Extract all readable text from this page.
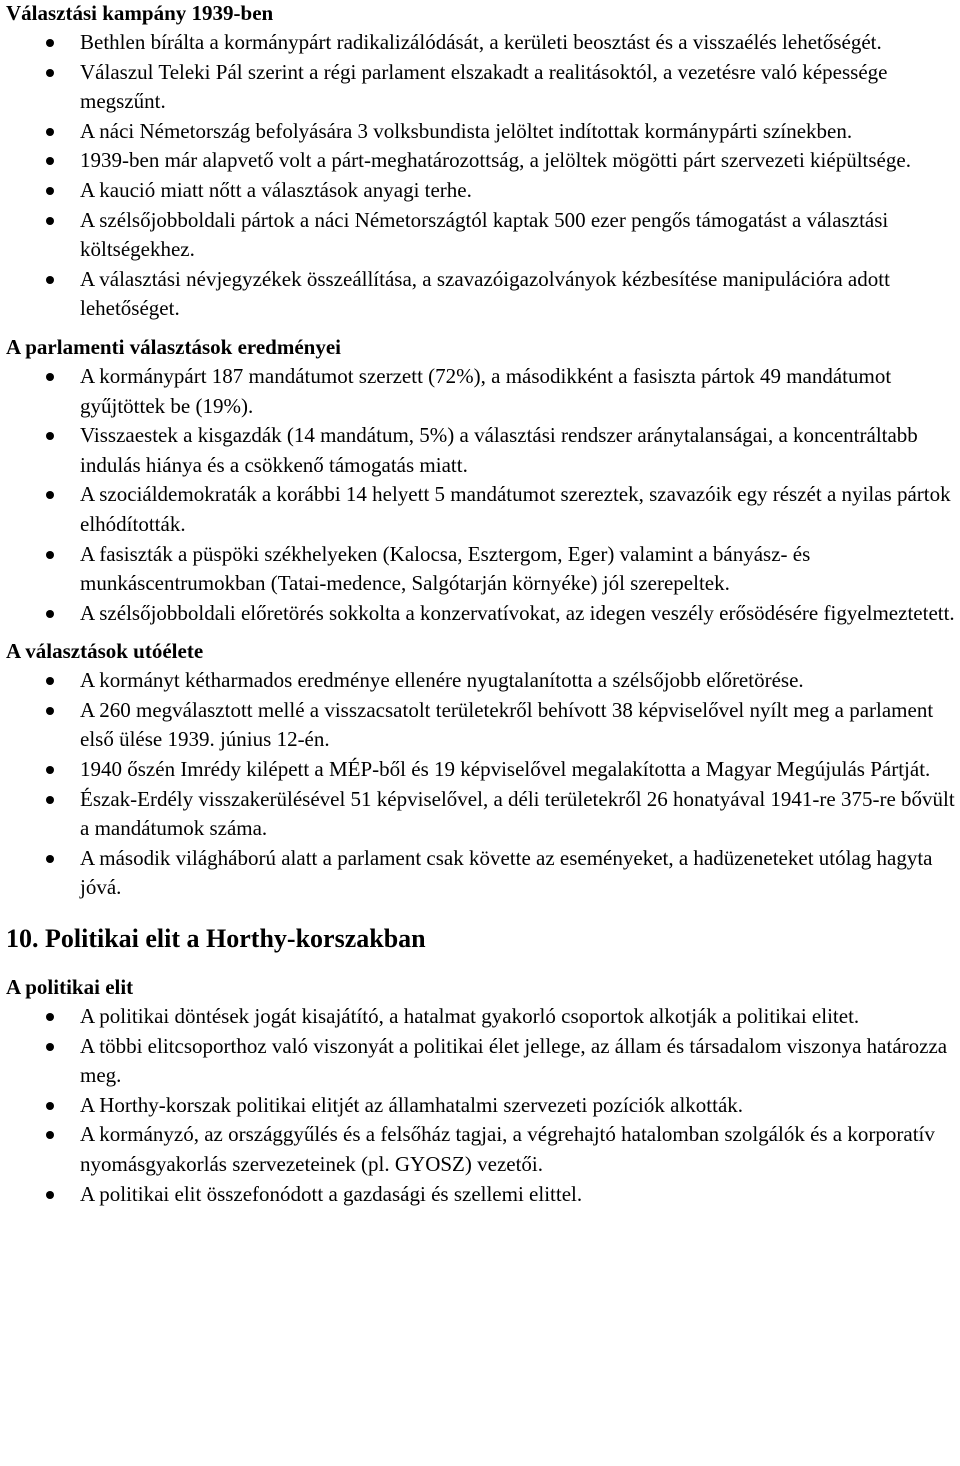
Választási kampány 1939-ben
Bethlen bírálta a kormánypárt radikalizálódását, a kerületi beosztást és a visszaélés lehetőségét.
Válaszul Teleki Pál szerint a régi parlament elszakadt a realitásoktól, a vezetésre való képessége megszűnt.
A náci Németország befolyására 3 volksbundista jelöltet indítottak kormánypárti színekben.
1939-ben már alapvető volt a párt-meghatározottság, a jelöltek mögötti párt szervezeti kiépültsége.
A kaució miatt nőtt a választások anyagi terhe.
A szélsőjobboldali pártok a náci Németországtól kaptak 500 ezer pengős támogatást a választási költségekhez.
A választási névjegyzékek összeállítása, a szavazóigazolványok kézbesítése manipulációra adott lehetőséget.
A parlamenti választások eredményei
A kormánypárt 187 mandátumot szerzett (72%), a másodikként a fasiszta pártok 49 mandátumot gyűjtöttek be (19%).
Visszaestek a kisgazdák (14 mandátum, 5%) a választási rendszer aránytalanságai, a koncentráltabb indulás hiánya és a csökkenő támogatás miatt.
A szociáldemokraták a korábbi 14 helyett 5 mandátumot szereztek, szavazóik egy részét a nyilas pártok elhódították.
A fasiszták a püspöki székhelyeken (Kalocsa, Esztergom, Eger) valamint a bányász- és munkáscentrumokban (Tatai-medence, Salgótarján környéke) jól szerepeltek.
A szélsőjobboldali előretörés sokkolta a konzervatívokat, az idegen veszély erősödésére figyelmeztetett.
A választások utóélete
A kormányt kétharmados eredménye ellenére nyugtalanította a szélsőjobb előretörése.
A 260 megválasztott mellé a visszacsatolt területekről behívott 38 képviselővel nyílt meg a parlament első ülése 1939. június 12-én.
1940 őszén Imrédy kilépett a MÉP-ből és 19 képviselővel megalakította a Magyar Megújulás Pártját.
Észak-Erdély visszakerülésével 51 képviselővel, a déli területekről 26 honatyával 1941-re 375-re bővült a mandátumok száma.
A második világháború alatt a parlament csak követte az eseményeket, a hadüzeneteket utólag hagyta jóvá.
10. Politikai elit a Horthy-korszakban
A politikai elit
A politikai döntések jogát kisajátító, a hatalmat gyakorló csoportok alkotják a politikai elitet.
A többi elitcsoporthoz való viszonyát a politikai élet jellege, az állam és társadalom viszonya határozza meg.
A Horthy-korszak politikai elitjét az államhatalmi szervezeti pozíciók alkották.
A kormányzó, az országgyűlés és a felsőház tagjai, a végrehajtó hatalomban szolgálók és a korporatív nyomásgyakorlás szervezeteinek (pl. GYOSZ) vezetői.
A politikai elit összefonódott a gazdasági és szellemi elittel.
